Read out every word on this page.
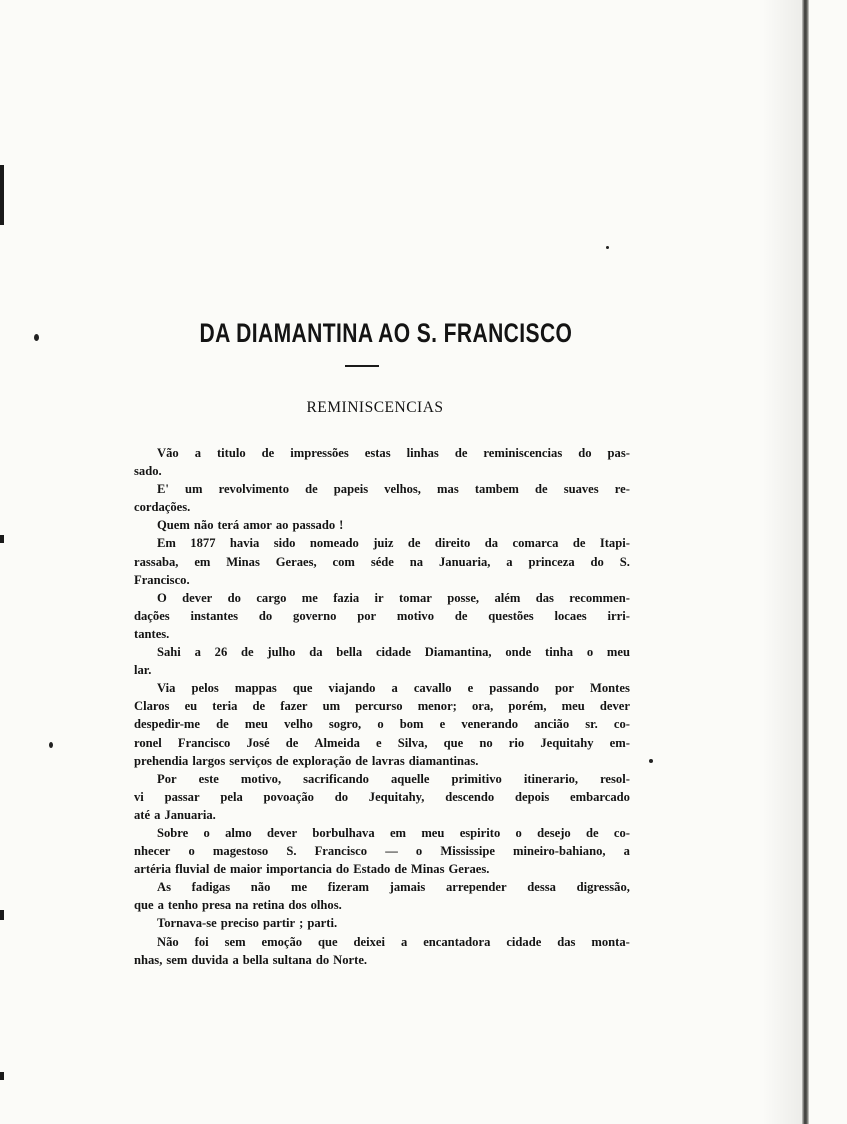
DA DIAMANTINA AO S. FRANCISCO
REMINISCENCIAS
Vão a titulo de impressões estas linhas de reminiscencias do pas-
sado.
E' um revolvimento de papeis velhos, mas tambem de suaves re-
cordações.
Quem não terá amor ao passado !
Em 1877 havia sido nomeado juiz de direito da comarca de Itapi-
rassaba, em Minas Geraes, com séde na Januaria, a princeza do S.
Francisco.
O dever do cargo me fazia ir tomar posse, além das recommen-
dações instantes do governo por motivo de questões locaes irri-
tantes.
Sahi a 26 de julho da bella cidade Diamantina, onde tinha o meu
lar.
Via pelos mappas que viajando a cavallo e passando por Montes
Claros eu teria de fazer um percurso menor; ora, porém, meu dever
despedir-me de meu velho sogro, o bom e venerando ancião sr. co-
ronel Francisco José de Almeida e Silva, que no rio Jequitahy em-
prehendia largos serviços de exploração de lavras diamantinas.
Por este motivo, sacrificando aquelle primitivo itinerario, resol-
vi passar pela povoação do Jequitahy, descendo depois embarcado
até a Januaria.
Sobre o almo dever borbulhava em meu espirito o desejo de co-
nhecer o magestoso S. Francisco — o Mississipe mineiro-bahiano, a
artéria fluvial de maior importancia do Estado de Minas Geraes.
As fadigas não me fizeram jamais arrepender dessa digressão,
que a tenho presa na retina dos olhos.
Tornava-se preciso partir ; parti.
Não foi sem emoção que deixei a encantadora cidade das monta-
nhas, sem duvida a bella sultana do Norte.
